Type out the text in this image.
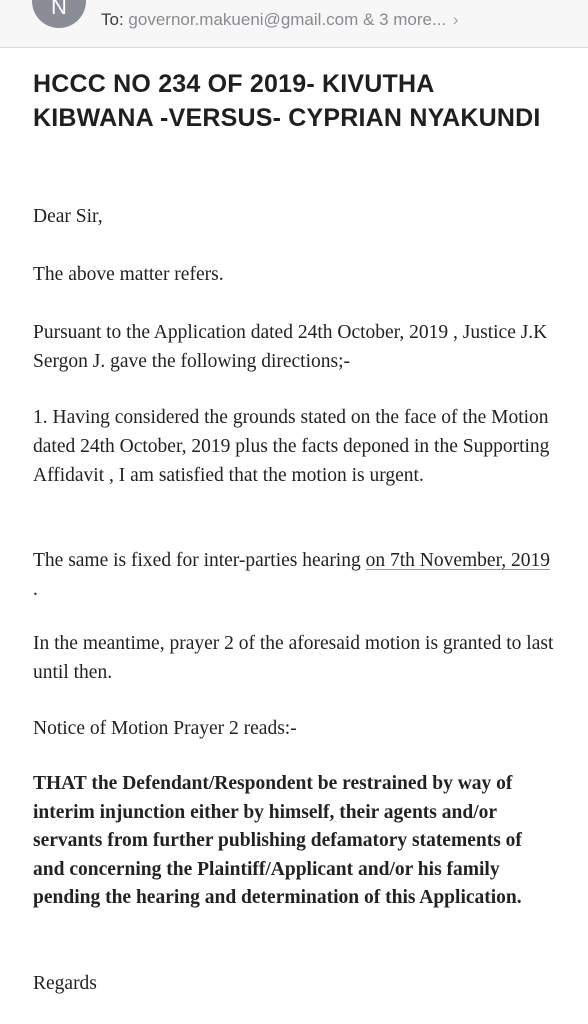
N
To: governor.makueni@gmail.com & 3 more... ›
HCCC NO 234 OF 2019- KIVUTHA KIBWANA -VERSUS- CYPRIAN NYAKUNDI

Dear Sir,

The above matter refers.

Pursuant to the Application dated 24th October, 2019 , Justice J.K Sergon J. gave the following directions;-

1. Having considered the grounds stated on the face of the Motion dated 24th October, 2019 plus the facts deponed in the Supporting Affidavit , I am satisfied that the motion is urgent.

The same is fixed for inter-parties hearing on 7th November, 2019 .

In the meantime, prayer 2 of the aforesaid motion is granted to last until then.

Notice of Motion Prayer 2 reads:-

THAT the Defendant/Respondent be restrained by way of interim injunction either by himself, their agents and/or servants from further publishing defamatory statements of and concerning the Plaintiff/Applicant and/or his family pending the hearing and determination of this Application.

Regards
